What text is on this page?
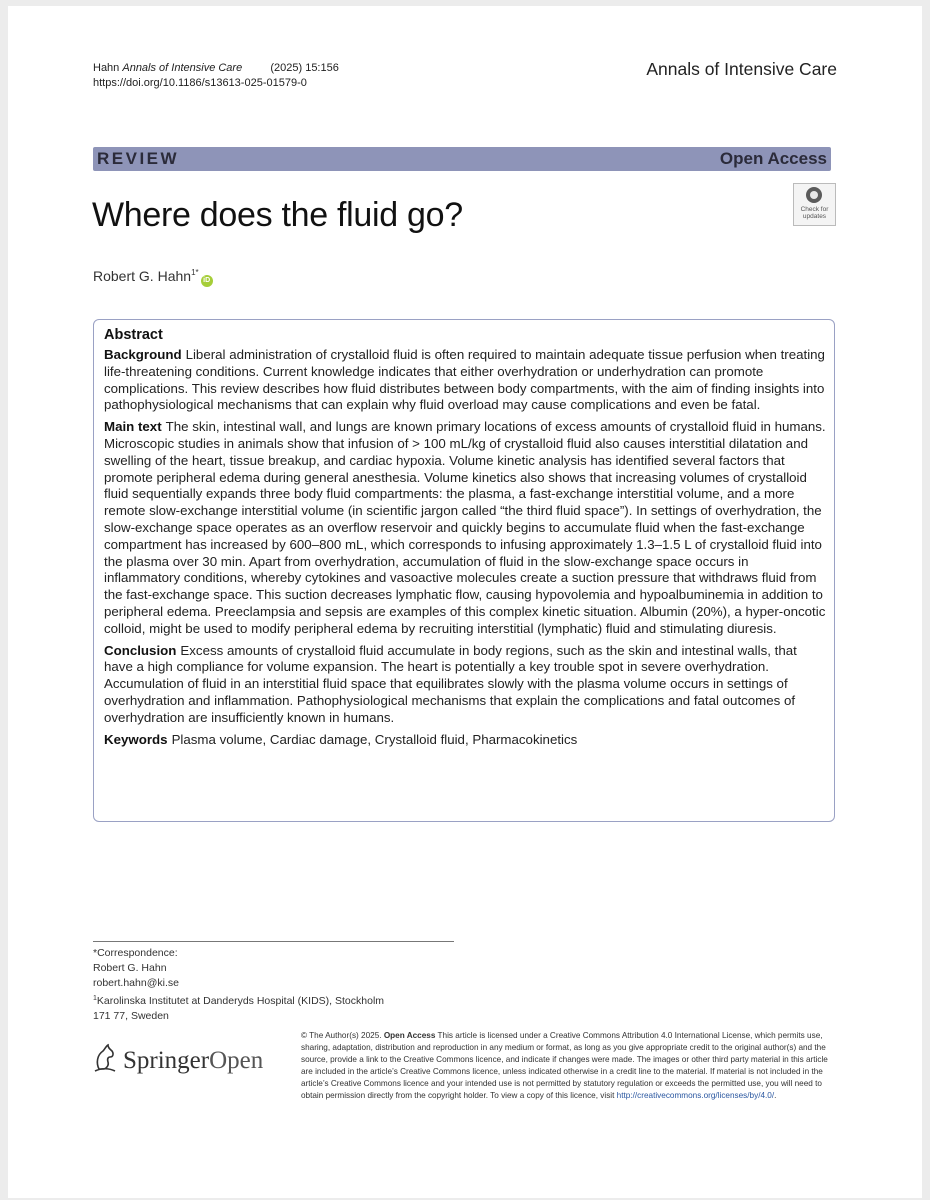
Hahn Annals of Intensive Care	(2025) 15:156
https://doi.org/10.1186/s13613-025-01579-0
Annals of Intensive Care
REVIEW	Open Access
Where does the fluid go?	Check for
updates
Robert G. Hahn$^{1*}$iD
Abstract

Background Liberal administration of crystalloid fluid is often required to maintain adequate tissue perfusion when treating life-threatening conditions. Current knowledge indicates that either overhydration or underhydration can promote complications. This review describes how fluid distributes between body compartments, with the aim of finding insights into pathophysiological mechanisms that can explain why fluid overload may cause complications and even be fatal.

Main text The skin, intestinal wall, and lungs are known primary locations of excess amounts of crystalloid fluid in humans. Microscopic studies in animals show that infusion of > 100 mL/kg of crystalloid fluid also causes interstitial dilatation and swelling of the heart, tissue breakup, and cardiac hypoxia. Volume kinetic analysis has identified several factors that promote peripheral edema during general anesthesia. Volume kinetics also shows that increasing volumes of crystalloid fluid sequentially expands three body fluid compartments: the plasma, a fast-exchange interstitial volume, and a more remote slow-exchange interstitial volume (in scientific jargon called “the third fluid space”). In settings of overhydration, the slow-exchange space operates as an overflow reservoir and quickly begins to accumulate fluid when the fast-exchange compartment has increased by 600–800 mL, which corresponds to infusing approximately 1.3–1.5 L of crystalloid fluid into the plasma over 30 min. Apart from overhydration, accumulation of fluid in the slow-exchange space occurs in inflammatory conditions, whereby cytokines and vasoactive molecules create a suction pressure that withdraws fluid from the fast-exchange space. This suction decreases lymphatic flow, causing hypovolemia and hypoalbuminemia in addition to peripheral edema. Preeclampsia and sepsis are examples of this complex kinetic situation. Albumin (20%), a hyper-oncotic colloid, might be used to modify peripheral edema by recruiting interstitial (lymphatic) fluid and stimulating diuresis.

Conclusion Excess amounts of crystalloid fluid accumulate in body regions, such as the skin and intestinal walls, that have a high compliance for volume expansion. The heart is potentially a key trouble spot in severe overhydration. Accumulation of fluid in an interstitial fluid space that equilibrates slowly with the plasma volume occurs in settings of overhydration and inflammation. Pathophysiological mechanisms that explain the complications and fatal outcomes of overhydration are insufficiently known in humans.

Keywords Plasma volume, Cardiac damage, Crystalloid fluid, Pharmacokinetics

*Correspondence:
Robert G. Hahn
robert.hahn@ki.se
$^1$Karolinska Institutet at Danderyds Hospital (KIDS), Stockholm
171 77, Sweden
SpringerOpen
© The Author(s) 2025. Open Access This article is licensed under a Creative Commons Attribution 4.0 International License, which permits use, sharing, adaptation, distribution and reproduction in any medium or format, as long as you give appropriate credit to the original author(s) and the source, provide a link to the Creative Commons licence, and indicate if changes were made. The images or other third party material in this article are included in the article’s Creative Commons licence, unless indicated otherwise in a credit line to the material. If material is not included in the article’s Creative Commons licence and your intended use is not permitted by statutory regulation or exceeds the permitted use, you will need to obtain permission directly from the copyright holder. To view a copy of this licence, visit http://creativecommons.org/licenses/by/4.0/.
